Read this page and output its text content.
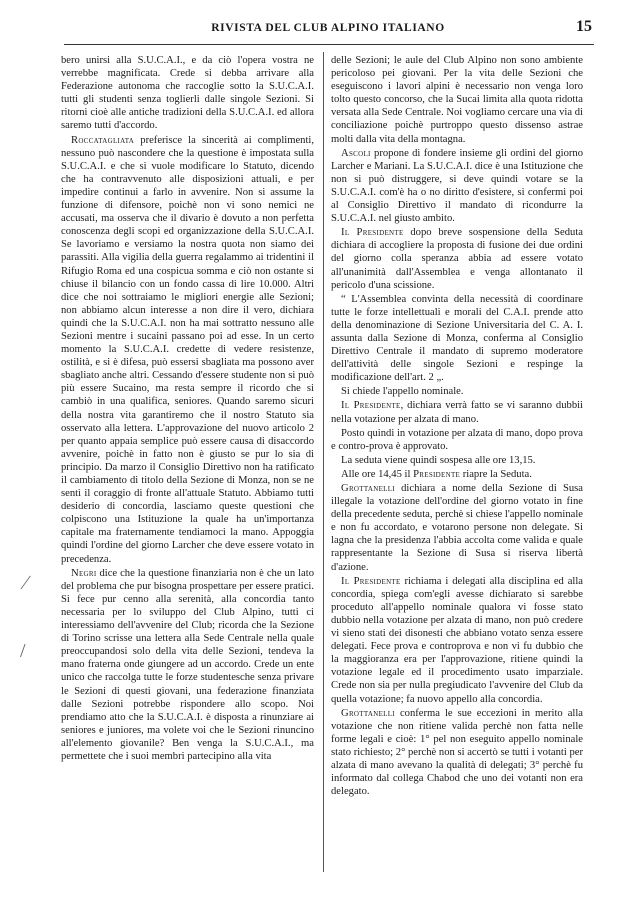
RIVISTA DEL CLUB ALPINO ITALIANO	15

bero unirsi alla S.U.C.A.I., e da ciò l'opera vostra ne verrebbe magnificata. Crede si debba arrivare alla Federazione autonoma che raccoglie sotto la S.U.C.A.I. tutti gli studenti senza toglierli dalle singole Sezioni. Si ritorni cioè alle antiche tradizioni della S.U.C.A.I. ed allora saremo tutti d'accordo.

Roccatagliata preferisce la sincerità ai complimenti, nessuno può nascondere che la questione è impostata sulla S.U.C.A.I. e che si vuole modificare lo Statuto, dicendo che ha contravvenuto alle disposizioni attuali, e per impedire continui a farlo in avvenire. Non si assume la funzione di difensore, poichè non vi sono nemici ne accusati, ma osserva che il divario è dovuto a non perfetta conoscenza degli scopi ed organizzazione della S.U.C.A.I. Se lavoriamo e versiamo la nostra quota non siamo dei parassiti. Alla vigilia della guerra regalammo ai tridentini il Rifugio Roma ed una cospicua somma e ciò non ostante si chiuse il bilancio con un fondo cassa di lire 10.000. Altri dice che noi sottraiamo le migliori energie alle Sezioni; non abbiamo alcun interesse a non dire il vero, dichiara quindi che la S.U.C.A.I. non ha mai sottratto nessuno alle Sezioni mentre i sucaini passano poi ad esse. In un certo momento la S.U.C.A.I. credette di vedere resistenze, ostilità, e si è difesa, può essersi sbagliata ma possono aver sbagliato anche altri. Cessando d'essere studente non si può più essere Sucaino, ma resta sempre il ricordo che si cambiò in una qualifica, seniores. Quando saremo sicuri della nostra vita garantiremo che il nostro Statuto sia osservato alla lettera. L'approvazione del nuovo articolo 2 per quanto appaia semplice può essere causa di disaccordo avvenire, poichè in fatto non è giusto se pur lo sia di principio. Da marzo il Consiglio Direttivo non ha ratificato il cambiamento di titolo della Sezione di Monza, non se ne sentì il coraggio di fronte all'attuale Statuto. Abbiamo tutti desiderio di concordia, lasciamo queste questioni che colpiscono una Istituzione la quale ha un'importanza capitale ma fraternamente tendiamoci la mano. Appoggia quindi l'ordine del giorno Larcher che deve essere votato in precedenza.

Negri dice che la questione finanziaria non è che un lato del problema che pur bisogna prospettare per essere pratici. Si fece pur cenno alla serenità, alla concordia tanto necessaria per lo sviluppo del Club Alpino, tutti ci interessiamo dell'avvenire del Club; ricorda che la Sezione di Torino scrisse una lettera alla Sede Centrale nella quale preoccupandosi solo della vita delle Sezioni, tendeva la mano fraterna onde giungere ad un accordo. Crede un ente unico che raccolga tutte le forze studentesche senza privare le Sezioni di questi giovani, una federazione finanziata dalle Sezioni potrebbe rispondere allo scopo. Noi prendiamo atto che la S.U.C.A.I. è disposta a rinunziare ai seniores e juniores, ma volete voi che le Sezioni rinuncino all'elemento giovanile? Ben venga la S.U.C.A.I., ma permettete che i suoi membri partecipino alla vita

delle Sezioni; le aule del Club Alpino non sono ambiente pericoloso pei giovani. Per la vita delle Sezioni che eseguiscono i lavori alpini è necessario non venga loro tolto questo concorso, che la Sucai limita alla quota ridotta versata alla Sede Centrale. Noi vogliamo cercare una via di conciliazione poichè purtroppo questo dissenso astrae molti dalla vita della montagna.

Ascoli propone di fondere insieme gli ordini del giorno Larcher e Mariani. La S.U.C.A.I. dice è una Istituzione che non si può distruggere, si deve quindi votare se la S.U.C.A.I. com'è ha o no diritto d'esistere, si confermi poi al Consiglio Direttivo il mandato di ricondurre la S.U.C.A.I. nel giusto ambito.

Il Presidente dopo breve sospensione della Seduta dichiara di accogliere la proposta di fusione dei due ordini del giorno colla speranza abbia ad essere votato all'unanimità dall'Assemblea e venga allontanato il pericolo d'una scissione.

“ L'Assemblea convinta della necessità di coordinare tutte le forze intellettuali e morali del C.A.I. prende atto della denominazione di Sezione Universitaria del C. A. I. assunta dalla Sezione di Monza, conferma al Consiglio Direttivo Centrale il mandato di supremo moderatore dell'attività delle singole Sezioni e respinge la modificazione dell'art. 2 „.

Si chiede l'appello nominale.

Il Presidente, dichiara verrà fatto se vi saranno dubbii nella votazione per alzata di mano.

Posto quindi in votazione per alzata di mano, dopo prova e contro-prova è approvato.

La seduta viene quindi sospesa alle ore 13,15.

Alle ore 14,45 il Presidente riapre la Seduta.

Grottanelli dichiara a nome della Sezione di Susa illegale la votazione dell'ordine del giorno votato in fine della precedente seduta, perchè si chiese l'appello nominale e non fu accordato, e votarono persone non delegate. Si lagna che la presidenza l'abbia accolta come valida e quale rappresentante la Sezione di Susa si riserva libertà d'azione.

Il Presidente richiama i delegati alla disciplina ed alla concordia, spiega com'egli avesse dichiarato si sarebbe proceduto all'appello nominale qualora vi fosse stato dubbio nella votazione per alzata di mano, non può credere vi sieno stati dei disonesti che abbiano votato senza essere delegati. Fece prova e controprova e non vi fu dubbio che la maggioranza era per l'approvazione, ritiene quindi la votazione legale ed il procedimento usato imparziale. Crede non sia per nulla pregiudicato l'avvenire del Club da quella votazione; fa nuovo appello alla concordia.

Grottanelli conferma le sue eccezioni in merito alla votazione che non ritiene valida perchè non fatta nelle forme legali e cioè: 1° pel non eseguito appello nominale stato richiesto; 2° perchè non si accertò se tutti i votanti per alzata di mano avevano la qualità di delegati; 3° perchè fu informato dal collega Chabod che uno dei votanti non era delegato.

∕
/
